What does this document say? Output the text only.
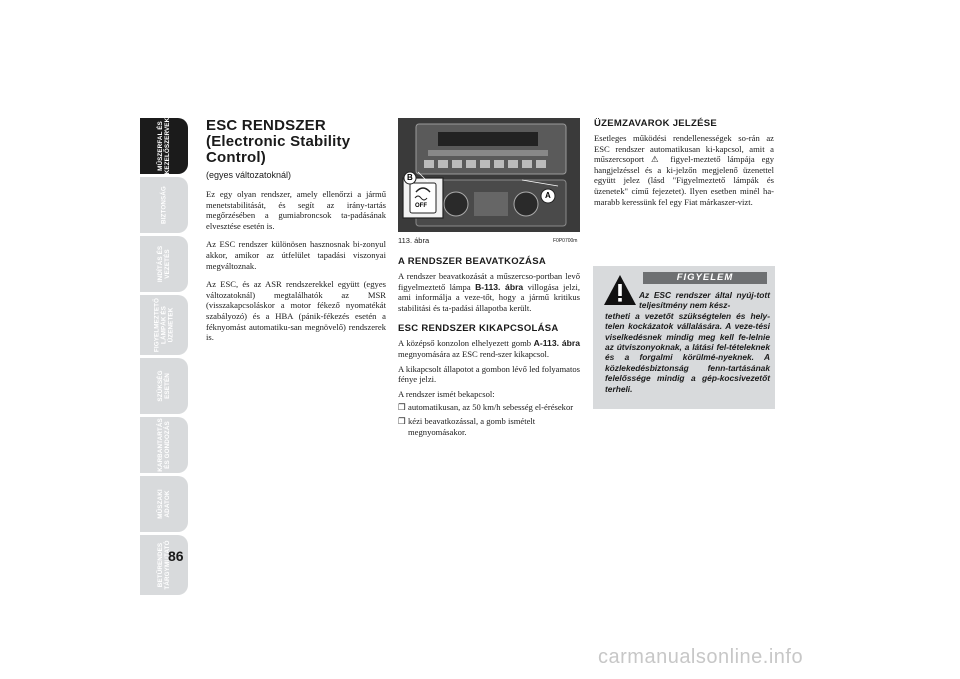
MŰSZERFAL ÉS
KEZELŐSZERVEK
BIZTONSÁG
INDÍTÁS ÉS
VEZETÉS
FIGYELMEZTETŐ
LÁMPÁK ÉS
ÜZENETEK
SZÜKSÉG
ESETÉN
KARBANTARTÁS
ÉS GONDOZÁS
MŰSZAKI
ADATOK
BETŰRENDES
TÁRGYMUTATÓ
86
ESC RENDSZER
(Electronic Stability
Control)
(egyes változatoknál)

Ez egy olyan rendszer, amely ellenőrzi a jármű menetstabilitását, és segít az irány-tartás megőrzésében a gumiabroncsok ta-padásának elvesztése esetén is.

Az ESC rendszer különösen hasznosnak bi-zonyul akkor, amikor az útfelület tapadási viszonyai megváltoznak.

Az ESC, és az ASR rendszerekkel együtt (egyes változatoknál) megtalálhatók az MSR (visszakapcsoláskor a motor fékező nyomatékát szabályozó) és a HBA (pánik-fékezés esetén a féknyomást automatiku-san megnövelő) rendszerek is.

A
B
OFF
113. ábra	F0P0700m
A RENDSZER BEAVATKOZÁSA

A rendszer beavatkozását a műszercso-portban levő figyelmeztető lámpa B-113. ábra villogása jelzi, ami informálja a veze-tőt, hogy a jármű kritikus stabilitási és ta-padási állapotba került.

ESC RENDSZER KIKAPCSOLÁSA

A középső konzolon elhelyezett gomb A-113. ábra megnyomására az ESC rend-szer kikapcsol.

A kikapcsolt állapotot a gombon lévő led folyamatos fénye jelzi.

A rendszer ismét bekapcsol:

❒ automatikusan, az 50 km/h sebesség el-érésekor
❒ kézi beavatkozással, a gomb ismételt megnyomásakor.
ÜZEMZAVAROK JELZÉSE

Esetleges működési rendellenességek so-rán az ESC rendszer automatikusan ki-kapcsol, amit a műszercsoport ⚠ figyel-meztető lámpája egy hangjelzéssel és a ki-jelzőn megjelenő üzenettel együtt jelez (lásd "Figyelmeztető lámpák és üzenetek" című fejezetet). Ilyen esetben minél ha-marabb keressünk fel egy Fiat márkaszer-vizt.

FIGYELEM
Az ESC rendszer által nyúj-tott teljesítmény nem kész-
tetheti a vezetőt szükségtelen és hely-telen kockázatok vállalására. A veze-tési viselkedésnek mindig meg kell fe-lelnie az útviszonyoknak, a látási fel-tételeknek és a forgalmi körülmé-nyeknek. A közlekedésbiztonság fenn-tartásának felelőssége mindig a gép-kocsivezetőt terheli.
carmanualsonline.info
